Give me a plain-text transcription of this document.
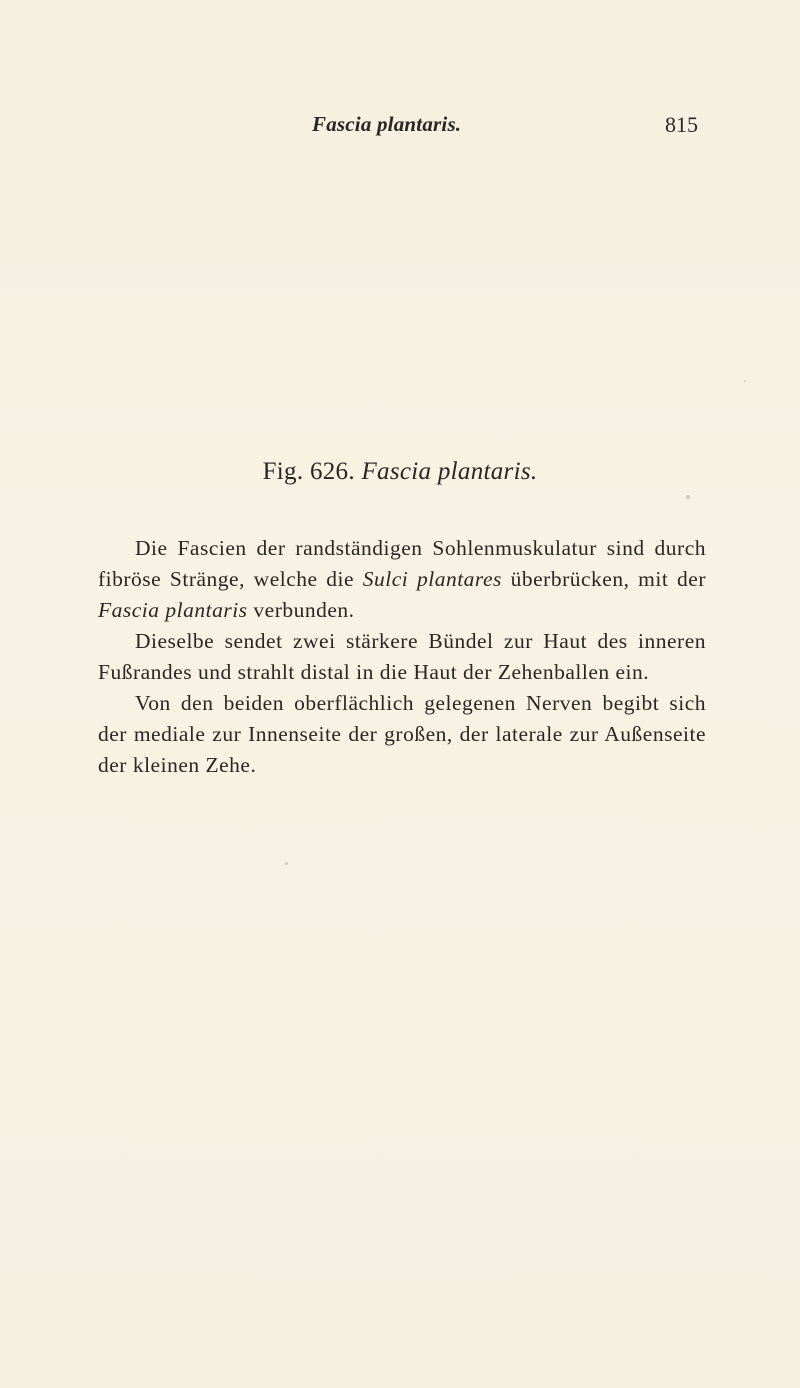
Fascia plantaris.	815
Fig. 626. Fascia plantaris.

Die Fascien der randständigen Sohlenmuskulatur sind durch fibröse Stränge, welche die Sulci plantares überbrücken, mit der Fascia plantaris verbunden.

Dieselbe sendet zwei stärkere Bündel zur Haut des inneren Fußrandes und strahlt distal in die Haut der Zehenballen ein.

Von den beiden oberflächlich gelegenen Nerven begibt sich der mediale zur Innenseite der großen, der laterale zur Außenseite der kleinen Zehe.
